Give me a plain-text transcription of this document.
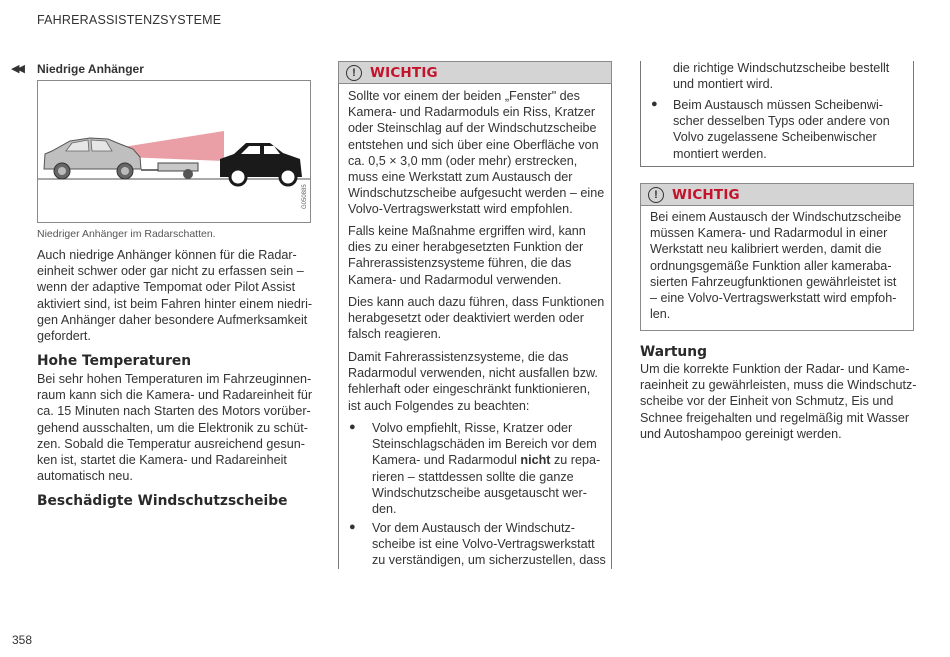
FAHRERASSISTENZSYSTEME
◀◀ Niedrige Anhänger
G050885
Niedriger Anhänger im Radarschatten.
Auch niedrige Anhänger können für die Radar-
einheit schwer oder gar nicht zu erfassen sein –
wenn der adaptive Tempomat oder Pilot Assist
aktiviert sind, ist beim Fahren hinter einem niedri-
gen Anhänger daher besondere Aufmerksamkeit
gefordert.
Hohe Temperaturen
Bei sehr hohen Temperaturen im Fahrzeuginnen-
raum kann sich die Kamera- und Radareinheit für
ca. 15 Minuten nach Starten des Motors vorüber-
gehend ausschalten, um die Elektronik zu schüt-
zen. Sobald die Temperatur ausreichend gesun-
ken ist, startet die Kamera- und Radareinheit
automatisch neu.
Beschädigte Windschutzscheibe
!	WICHTIG
Sollte vor einem der beiden „Fenster" des
Kamera- und Radarmoduls ein Riss, Kratzer
oder Steinschlag auf der Windschutzscheibe
entstehen und sich über eine Oberfläche von
ca. 0,5 × 3,0 mm (oder mehr) erstrecken,
muss eine Werkstatt zum Austausch der
Windschutzscheibe aufgesucht werden – eine
Volvo-Vertragswerkstatt wird empfohlen.
Falls keine Maßnahme ergriffen wird, kann
dies zu einer herabgesetzten Funktion der
Fahrerassistenzsysteme führen, die das
Kamera- und Radarmodul verwenden.
Dies kann auch dazu führen, dass Funktionen
herabgesetzt oder deaktiviert werden oder
falsch reagieren.
Damit Fahrerassistenzsysteme, die das
Radarmodul verwenden, nicht ausfallen bzw.
fehlerhaft oder eingeschränkt funktionieren,
ist auch Folgendes zu beachten:
● Volvo empfiehlt, Risse, Kratzer oder
Steinschlagschäden im Bereich vor dem
Kamera- und Radarmodul nicht zu repa-
rieren – stattdessen sollte die ganze
Windschutzscheibe ausgetauscht wer-
den.
● Vor dem Austausch der Windschutz-
scheibe ist eine Volvo-Vertragswerkstatt
zu verständigen, um sicherzustellen, dass
die richtige Windschutzscheibe bestellt
und montiert wird.
● Beim Austausch müssen Scheibenwi-
scher desselben Typs oder andere von
Volvo zugelassene Scheibenwischer
montiert werden.
!	WICHTIG
Bei einem Austausch der Windschutzscheibe
müssen Kamera- und Radarmodul in einer
Werkstatt neu kalibriert werden, damit die
ordnungsgemäße Funktion aller kameraba-
sierten Fahrzeugfunktionen gewährleistet ist
– eine Volvo-Vertragswerkstatt wird empfoh-
len.
Wartung
Um die korrekte Funktion der Radar- und Kame-
raeinheit zu gewährleisten, muss die Windschutz-
scheibe vor der Einheit von Schmutz, Eis und
Schnee freigehalten und regelmäßig mit Wasser
und Autoshampoo gereinigt werden.
358
